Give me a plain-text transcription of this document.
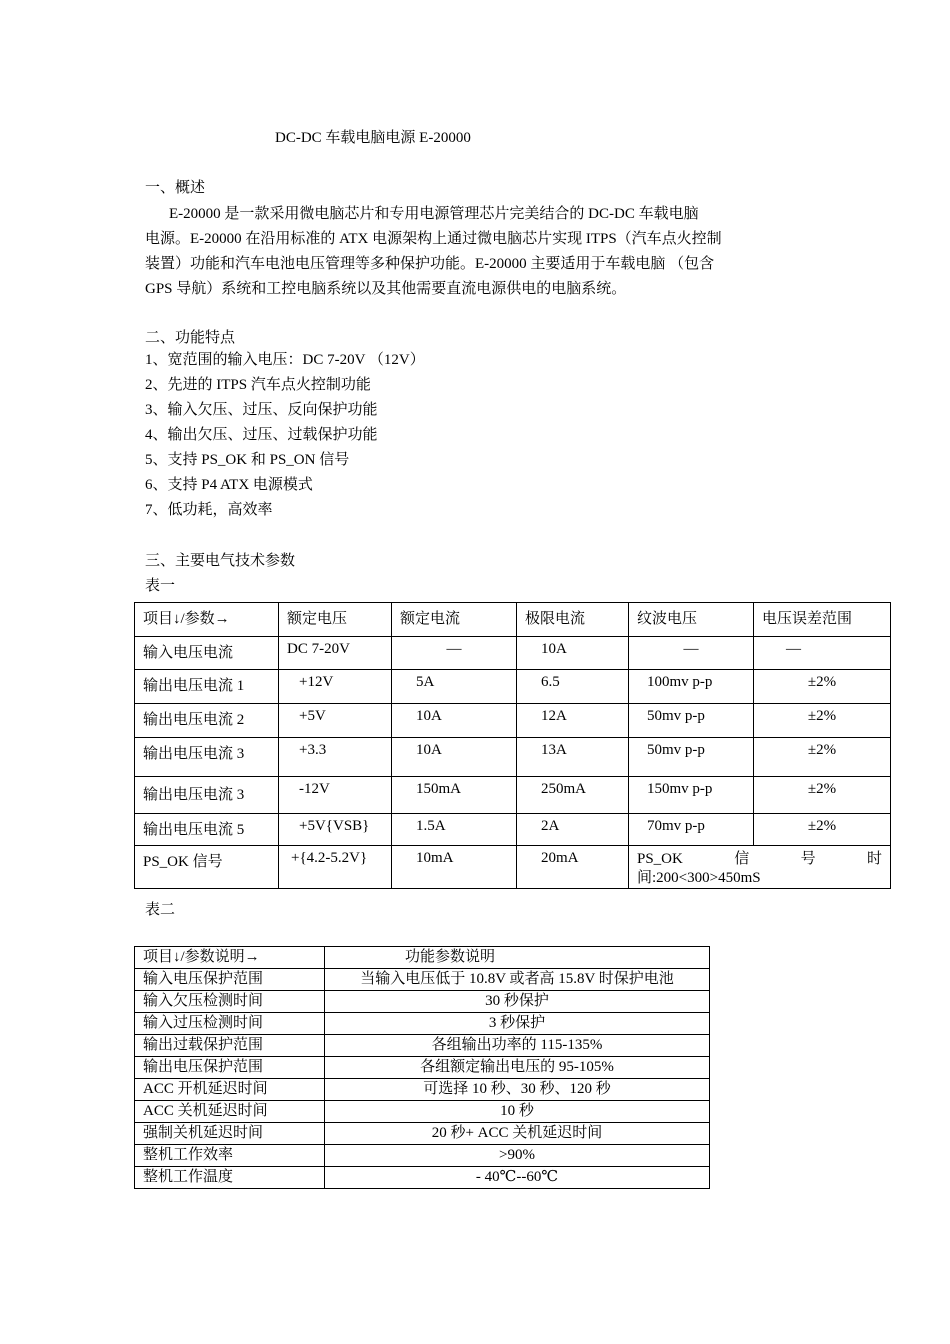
DC-DC 车载电脑电源 E-20000
一、概述
E-20000 是一款采用微电脑芯片和专用电源管理芯片完美结合的 DC-DC 车载电脑
电源。E-20000 在沿用标准的 ATX 电源架构上通过微电脑芯片实现 ITPS（汽车点火控制
装置）功能和汽车电池电压管理等多种保护功能。E-20000 主要适用于车载电脑 （包含
GPS 导航）系统和工控电脑系统以及其他需要直流电源供电的电脑系统。
二、功能特点
1、宽范围的输入电压：DC 7-20V （12V）
2、先进的 ITPS 汽车点火控制功能
3、输入欠压、过压、反向保护功能
4、输出欠压、过压、过载保护功能
5、支持 PS_OK 和 PS_ON 信号
6、支持 P4 ATX 电源模式
7、低功耗，高效率
三、主要电气技术参数
表一
项目↓/参数→	额定电压	额定电流	极限电流	纹波电压	电压误差范围
输入电压电流	DC 7-20V	—	10A	—	—
输出电压电流 1	+12V	5A	6.5	100mv p-p	±2%
输出电压电流 2	+5V	10A	12A	50mv p-p	±2%
输出电压电流 3	+3.3	10A	13A	50mv p-p	±2%
输出电压电流 3	-12V	150mA	250mA	150mv p-p	±2%
输出电压电流 5	+5V{VSB}	1.5A	2A	70mv p-p	±2%
PS_OK 信号	+{4.2-5.2V}	10mA	20mA	PS_OK 信 号 时
间:200<300>450mS	
表二
项目↓/参数说明→	功能参数说明
输入电压保护范围	当输入电压低于 10.8V 或者高 15.8V 时保护电池
输入欠压检测时间	30 秒保护
输入过压检测时间	3 秒保护
输出过载保护范围	各组输出功率的 115-135%
输出电压保护范围	各组额定输出电压的 95-105%
ACC 开机延迟时间	可选择 10 秒、30 秒、120 秒
ACC 关机延迟时间	10 秒
强制关机延迟时间	20 秒+ ACC 关机延迟时间
整机工作效率	>90%
整机工作温度	- 40℃--60℃
